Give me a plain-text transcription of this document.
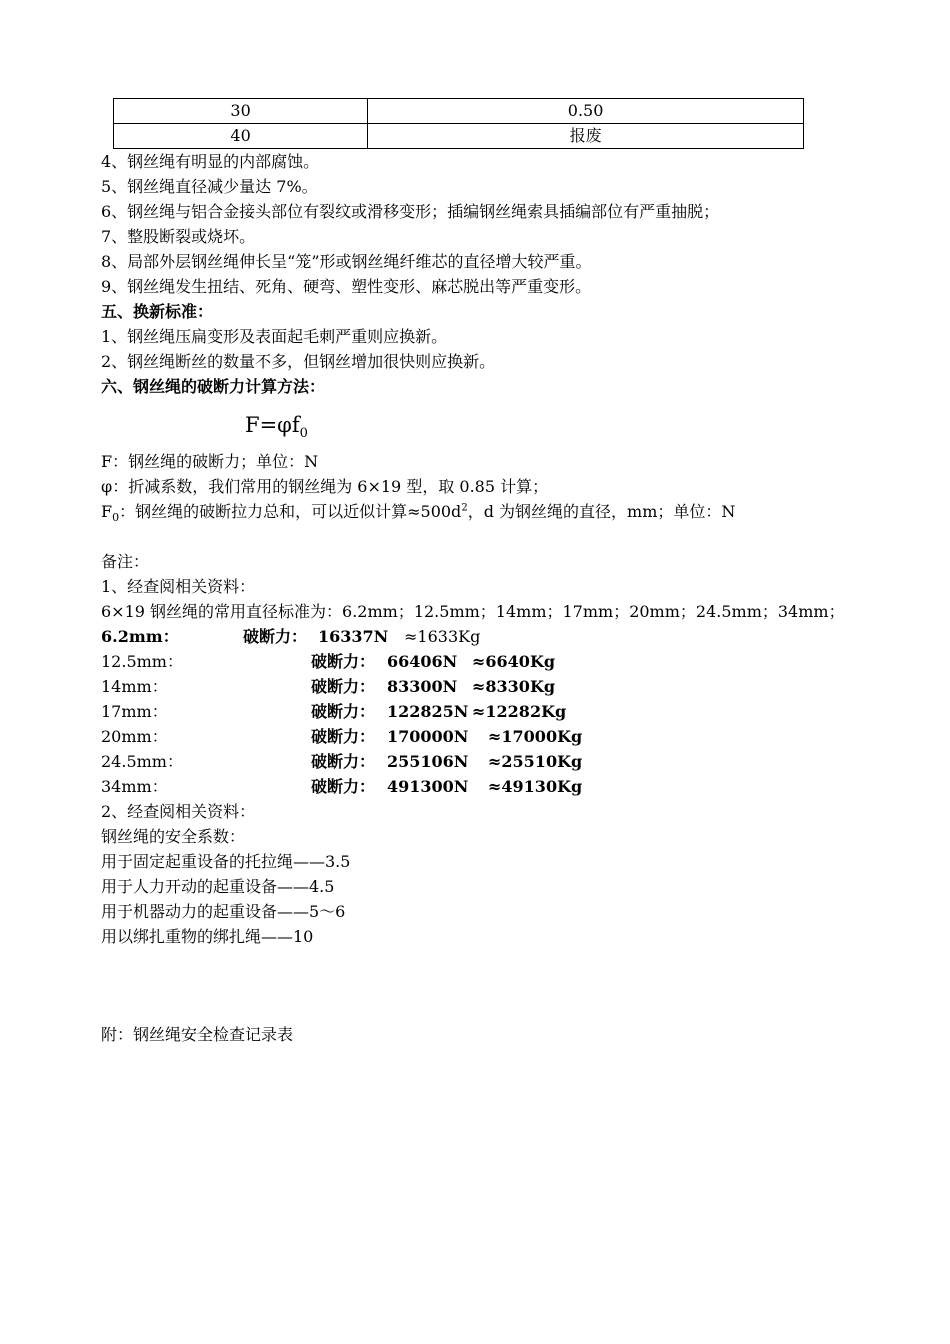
30	0.50
40	报废
4、钢丝绳有明显的内部腐蚀。
5、钢丝绳直径减少量达 7%。
6、钢丝绳与铝合金接头部位有裂纹或滑移变形；插编钢丝绳索具插编部位有严重抽脱；
7、整股断裂或烧坏。
8、局部外层钢丝绳伸长呈“笼”形或钢丝绳纤维芯的直径增大较严重。
9、钢丝绳发生扭结、死角、硬弯、塑性变形、麻芯脱出等严重变形。
五、换新标准：
1、钢丝绳压扁变形及表面起毛刺严重则应换新。
2、钢丝绳断丝的数量不多，但钢丝增加很快则应换新。
六、钢丝绳的破断力计算方法：
$F=\varphi f_0$
F：钢丝绳的破断力；单位：N
φ：折减系数，我们常用的钢丝绳为 6×19 型，取 0.85 计算；
$F_0$：钢丝绳的破断拉力总和，可以近似计算$\approx 500d^2$，d 为钢丝绳的直径，mm；单位：N
备注：
1、经查阅相关资料：
6×19 钢丝绳的常用直径标准为：6.2mm；12.5mm；14mm；17mm；20mm；24.5mm；34mm；
6.2mm：	破断力： 16337N ≈1633Kg
12.5mm：	破断力： 66406N ≈6640Kg
14mm：	破断力： 83300N ≈8330Kg
17mm：	破断力： 122825N ≈12282Kg
20mm：	破断力： 170000N ≈17000Kg
24.5mm：	破断力： 255106N ≈25510Kg
34mm：	破断力： 491300N ≈49130Kg
2、经查阅相关资料：
钢丝绳的安全系数：
用于固定起重设备的托拉绳——3.5
用于人力开动的起重设备——4.5
用于机器动力的起重设备——5～6
用以绑扎重物的绑扎绳——10
附：钢丝绳安全检查记录表
